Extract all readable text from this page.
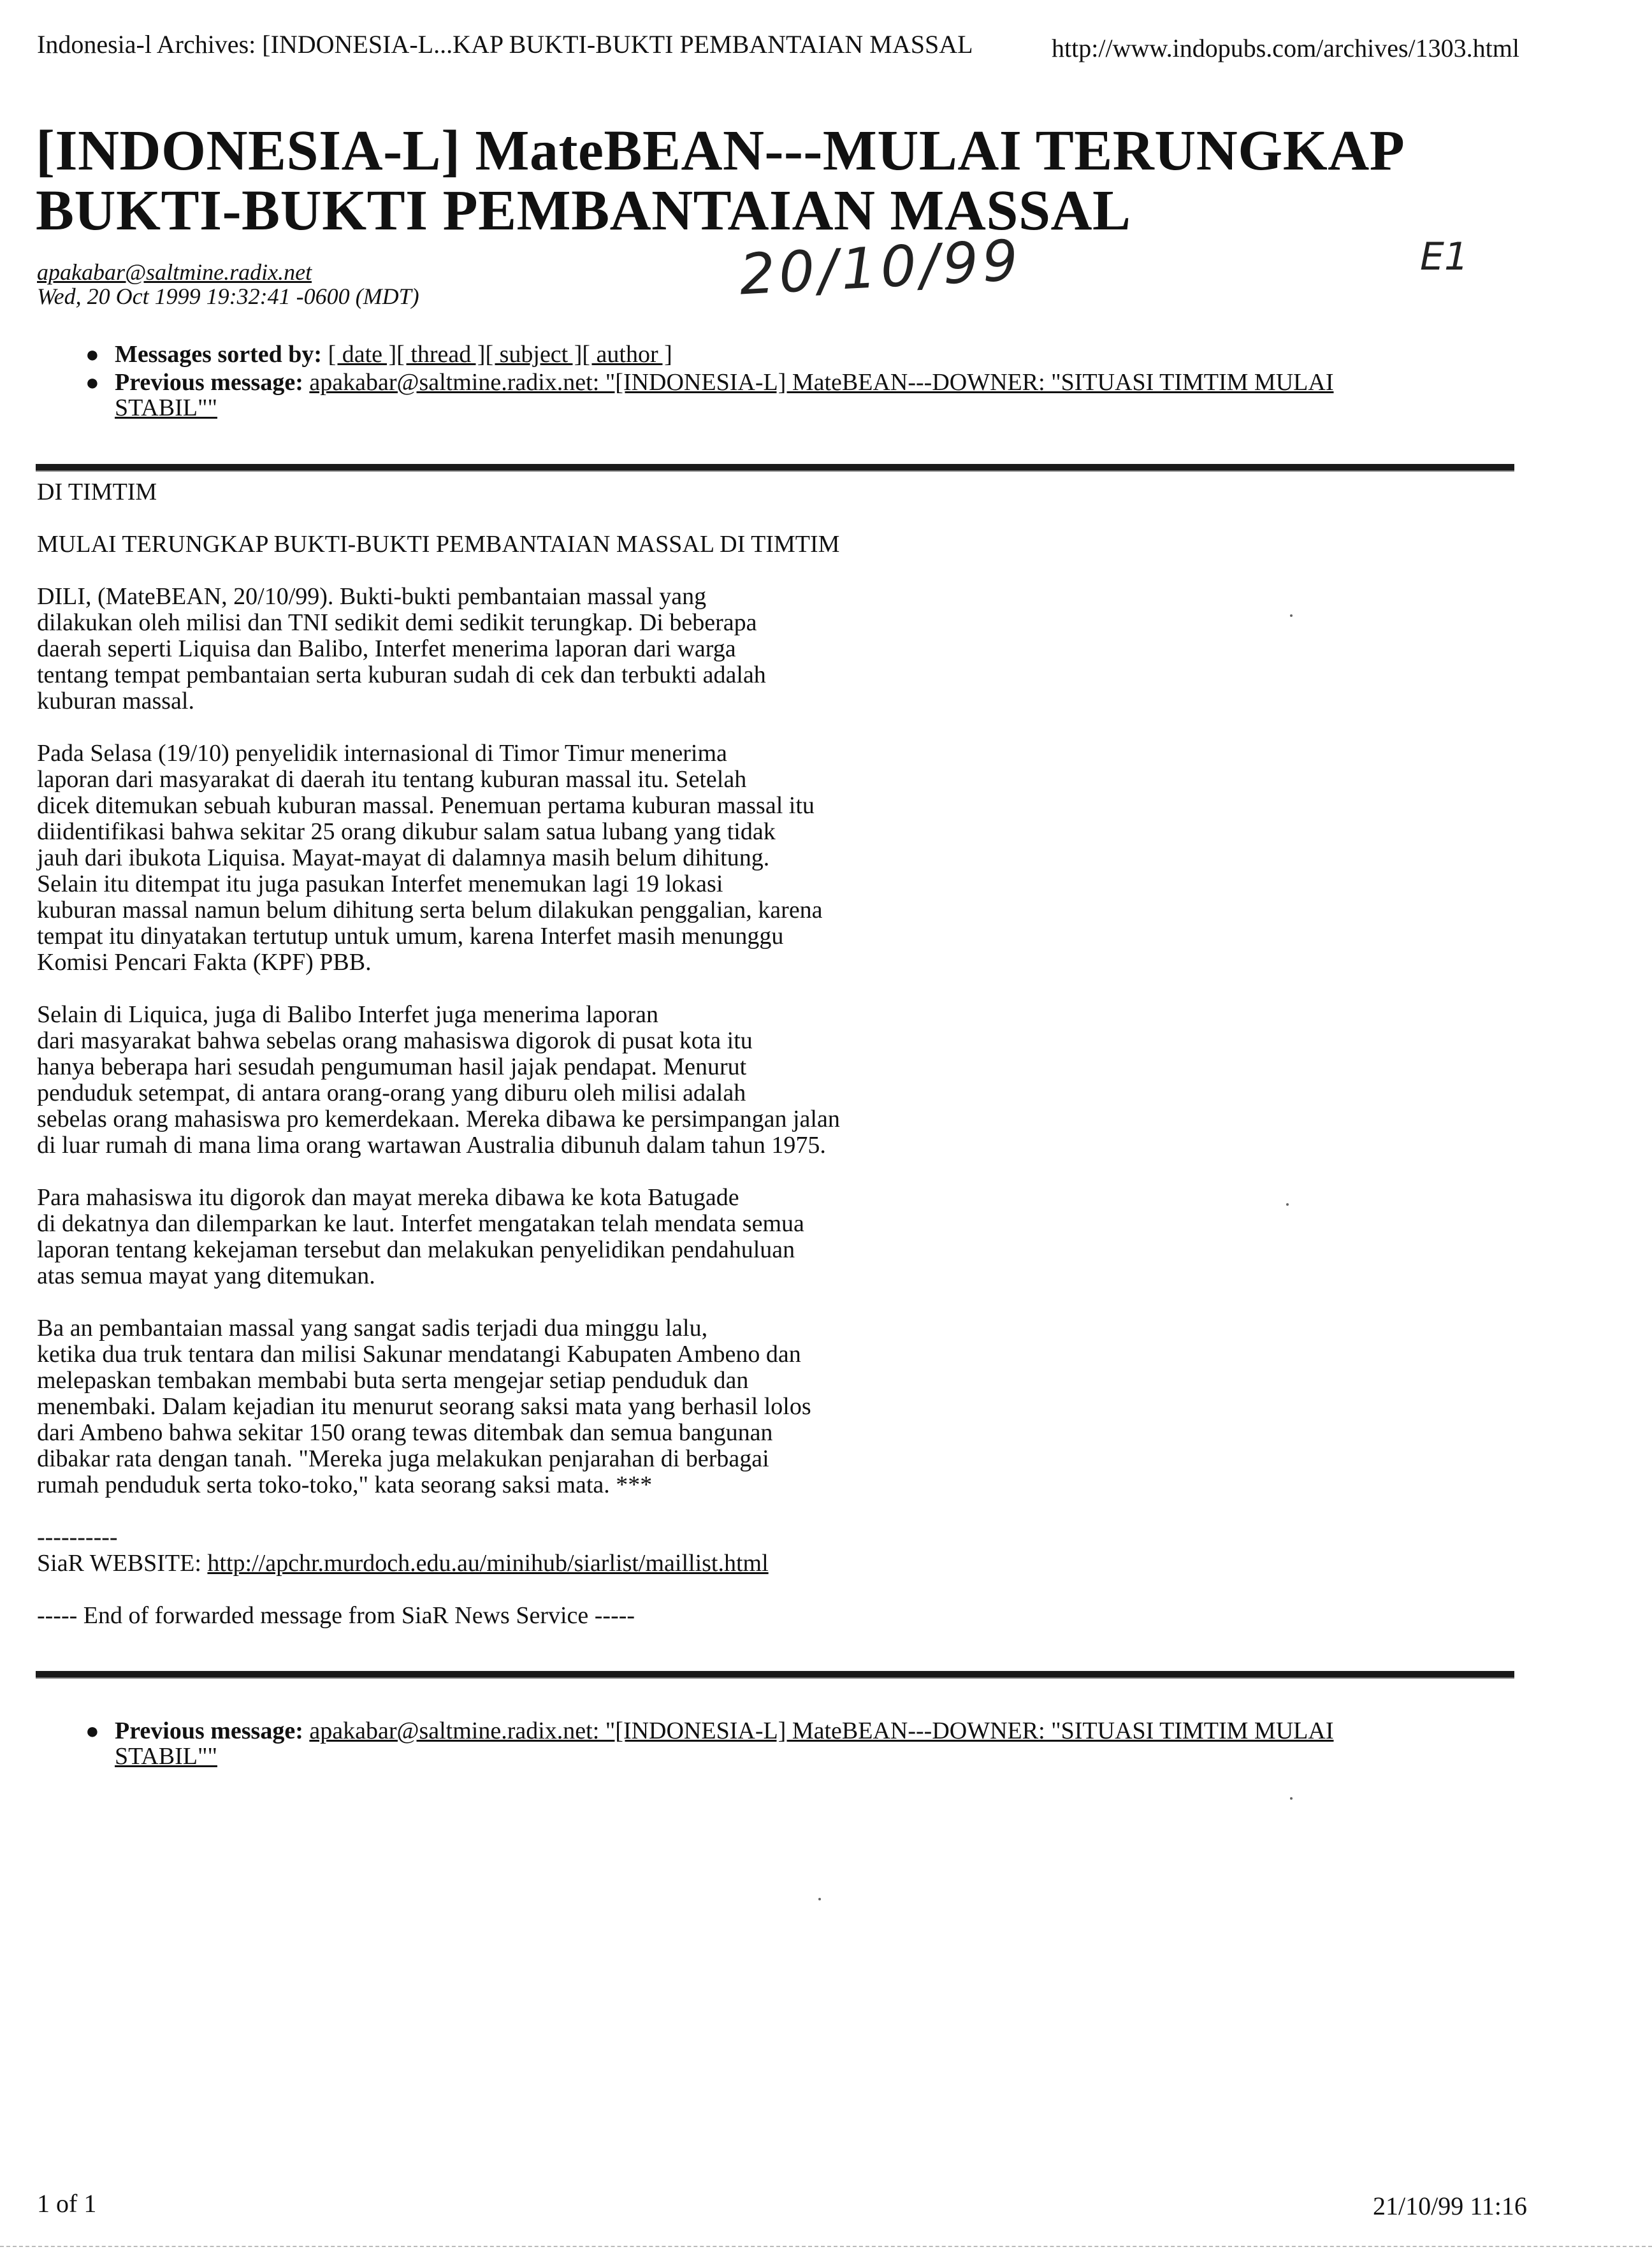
Indonesia-l Archives: [INDONESIA-L...KAP BUKTI-BUKTI PEMBANTAIAN MASSAL	http://www.indopubs.com/archives/1303.html
[INDONESIA-L] MateBEAN---MULAI TERUNGKAP
BUKTI-BUKTI PEMBANTAIAN MASSAL
apakabar@saltmine.radix.net
Wed, 20 Oct 1999 19:32:41 -0600 (MDT)	20/10/99	E1
● Messages sorted by: [ date ][ thread ][ subject ][ author ]
● Previous message: apakabar@saltmine.radix.net: "[INDONESIA-L] MateBEAN---DOWNER: "SITUASI TIMTIM MULAI
STABIL""

DI TIMTIM

MULAI TERUNGKAP BUKTI-BUKTI PEMBANTAIAN MASSAL DI TIMTIM

DILI, (MateBEAN, 20/10/99). Bukti-bukti pembantaian massal yang
dilakukan oleh milisi dan TNI sedikit demi sedikit terungkap. Di beberapa
daerah seperti Liquisa dan Balibo, Interfet menerima laporan dari warga
tentang tempat pembantaian serta kuburan sudah di cek dan terbukti adalah
kuburan massal.

Pada Selasa (19/10) penyelidik internasional di Timor Timur menerima
laporan dari masyarakat di daerah itu tentang kuburan massal itu. Setelah
dicek ditemukan sebuah kuburan massal. Penemuan pertama kuburan massal itu
diidentifikasi bahwa sekitar 25 orang dikubur salam satua lubang yang tidak
jauh dari ibukota Liquisa. Mayat-mayat di dalamnya masih belum dihitung.
Selain itu ditempat itu juga pasukan Interfet menemukan lagi 19 lokasi
kuburan massal namun belum dihitung serta belum dilakukan penggalian, karena
tempat itu dinyatakan tertutup untuk umum, karena Interfet masih menunggu
Komisi Pencari Fakta (KPF) PBB.

Selain di Liquica, juga di Balibo Interfet juga menerima laporan
dari masyarakat bahwa sebelas orang mahasiswa digorok di pusat kota itu
hanya beberapa hari sesudah pengumuman hasil jajak pendapat. Menurut
penduduk setempat, di antara orang-orang yang diburu oleh milisi adalah
sebelas orang mahasiswa pro kemerdekaan. Mereka dibawa ke persimpangan jalan
di luar rumah di mana lima orang wartawan Australia dibunuh dalam tahun 1975.

Para mahasiswa itu digorok dan mayat mereka dibawa ke kota Batugade
di dekatnya dan dilemparkan ke laut. Interfet mengatakan telah mendata semua
laporan tentang kekejaman tersebut dan melakukan penyelidikan pendahuluan
atas semua mayat yang ditemukan.

Ba an pembantaian massal yang sangat sadis terjadi dua minggu lalu,
ketika dua truk tentara dan milisi Sakunar mendatangi Kabupaten Ambeno dan
melepaskan tembakan membabi buta serta mengejar setiap penduduk dan
menembaki. Dalam kejadian itu menurut seorang saksi mata yang berhasil lolos
dari Ambeno bahwa sekitar 150 orang tewas ditembak dan semua bangunan
dibakar rata dengan tanah. "Mereka juga melakukan penjarahan di berbagai
rumah penduduk serta toko-toko," kata seorang saksi mata. ***

----------

SiaR WEBSITE: http://apchr.murdoch.edu.au/minihub/siarlist/maillist.html

----- End of forwarded message from SiaR News Service -----

● Previous message: apakabar@saltmine.radix.net: "[INDONESIA-L] MateBEAN---DOWNER: "SITUASI TIMTIM MULAI
STABIL""
1 of 1	21/10/99 11:16
